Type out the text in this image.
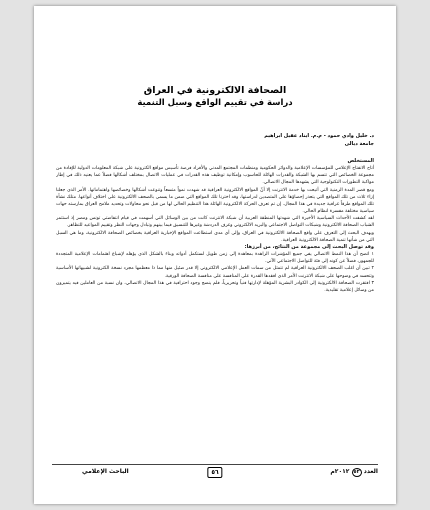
الصحافة الالكترونية في العراق
دراسة في تقييم الواقع وسبل التنمية
د. خليل وادي حمود - م.م. ايناد عقيل ابراهيم
جامعة ديالى

المستخلص

أتاح الانفتاح الإعلامي للمؤسسات الإعلامية والدوائر الحكومية ومنظمات المجتمع المدني والأفراد فرصة تأسيس مواقع الكترونية على شبكة المعلومات الدولية للإفادة من مجموعة الخصائص التي تتسم بها الشبكة والقدرات الهائلة للحاسوب وإمكانية توظيف هذه القدرات في عمليات الاتصال بمختلف أشكالها فضلاً عما يعنيه ذلك في إطار مواكبة التطورات التكنولوجية التي يشهدها المجال الاتصالي.

ومع قصر المدة الزمنية التي أتيحت بها خدمة الانترنت إلا أنّ المواقع الالكترونية العراقية قد شهدت نمواً متسعاً وتنوعت أشكالها وخصائصها واهتماماتها. الأمر الذي جعلنا إزاء ثلاث من تلك المواقع التي يتعذر إحصاؤها على المتصدين لدراستها، وقد اخترنا تلك المواقع التي ضمن ما يسمى بالصحف الالكترونية على اختلاف أنواعها. متلك نشأة تلك المواقع طرقاً غرافية جديدة في هذا المجال. إن تم تعرف الحركة الالكترونية الهائلة هذا التنظيم الحالي لها من قبل نحو محاولات وتحديد ملامح العراق بمارسته حهات سياسية مختلفة مفسرة لنظام الحالي.

لقد كشفت الأحداث السياسية الأخيرة التي شهدتها المنطقة العربية أن شبكة الانترنت كانت من بين الوسائل التي أسهمت في قيام انتفاضتي تونس ومصر إذ استثمر الشباب الصحافة الالكترونية وشبكات التواصل الاجتماعي والبريد الالكتروني وغرف الدردشة وغيرها للتنسيق فيما بينهم وتبادل وجهات النظر وتقييم المواعيد للتظاهر.

ويهدف البحث إلى التعرف على واقع الصحافة الالكترونية في العراق، وإلى أي مدى استطاعت المواقع الإخبارية العراقية بخصائص الصحافة الالكترونية، وما هي السبل التي من شأنها تنمية الصحافة الالكترونية العراقية.

وقد توصل البحث إلى مجموعة من النتائج، من أبرزها:

١ اتضح أن هذا النمط الاتصالي يفي جميع المؤشرات الزاهدة بمعاهدة إلى زمن طويل لستكمل أدواته وبناء بالشكل الذي يؤهله لإشباع اهتمامات الإعلامية المتجددة للجمهور، فضلاً عن كونه إلى فئة للتواصل الاجتماعي الآني.

٢ تبين أن اغلب الصحف الالكترونية العراقية لم تتمثل من سمات العمل الإعلامي الالكتروني إلا قدر ضئيل منها مما ذا معظمها مجرد نسخة الكترونية لشبيهاتها الأساسية وتتحسد في وضوحها على شبكة الانترنت الأمر الذي افقدها القدرة على المنافسة على منافسة الصحافة الورقية.

٣ افتقرت الصحافة الالكترونية إلى الكوادر البشرية المؤهلة لإدارتها فنياً وتحريرياً، فلم ينضج وجود احترافية في هذا المجال الاتصالي، وان نسبة من العاملين فيه يتميزون من وسائل إعلامية تقليدية.

الباحث الإعلامي	٥٦	العدد ٥٢ ٢٠١٢م
